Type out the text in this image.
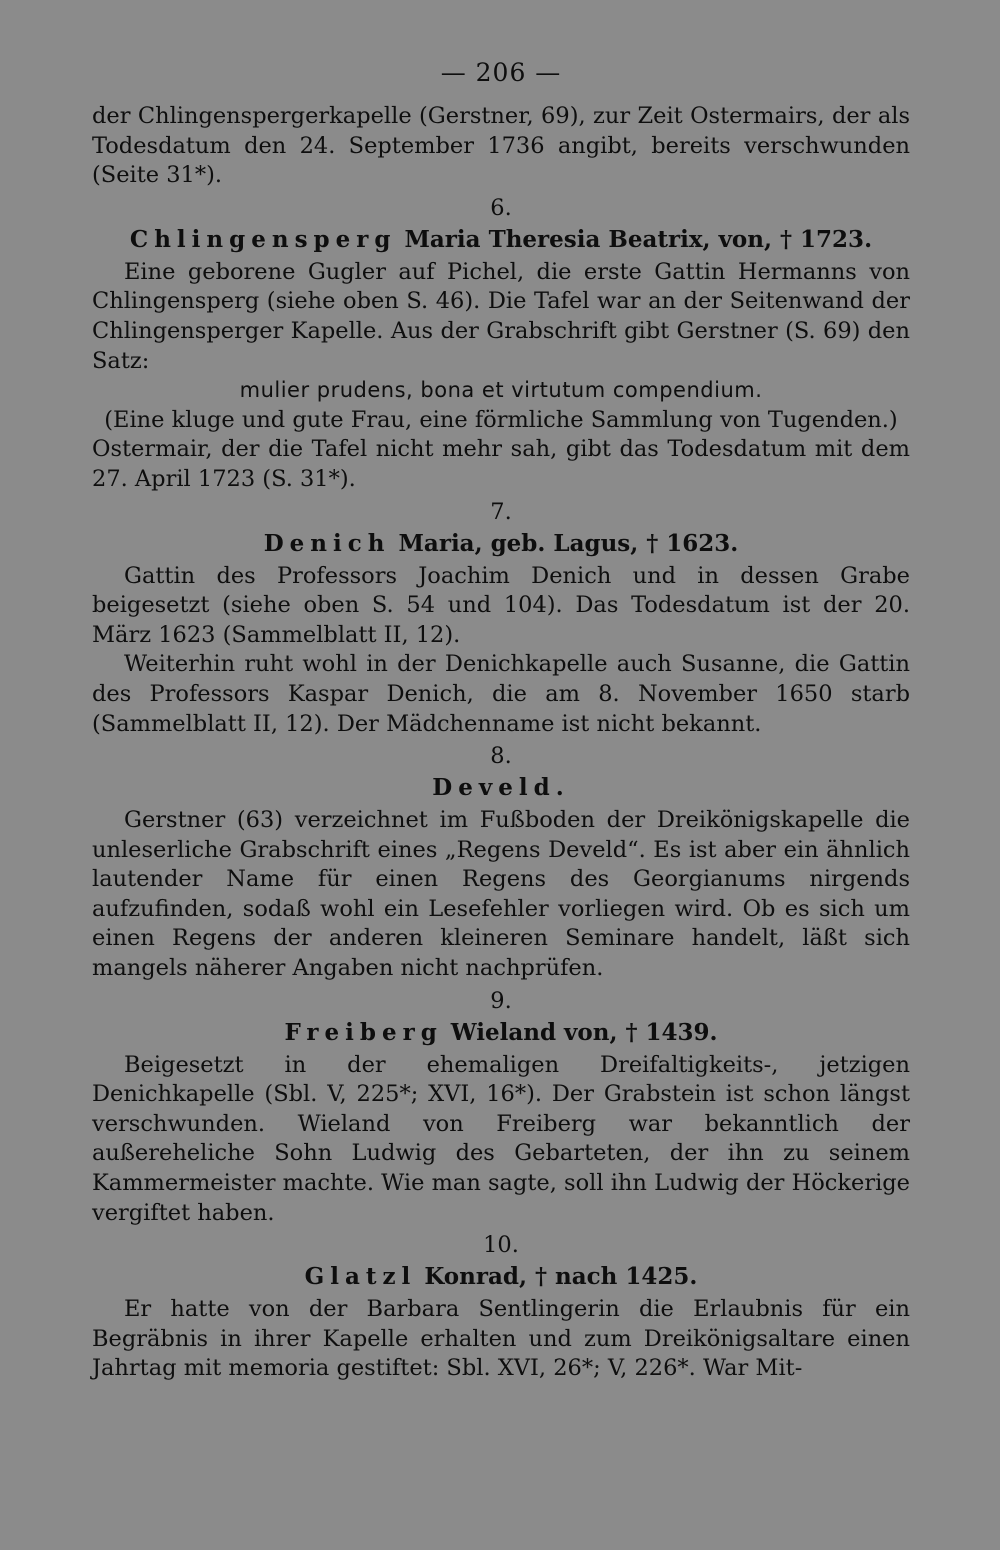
— 206 —

der Chlingenspergerkapelle (Gerstner, 69), zur Zeit Ostermairs, der als Todesdatum den 24. September 1736 angibt, bereits verschwunden (Seite 31*).

6.
Chlingensperg Maria Theresia Beatrix, von, † 1723.

Eine geborene Gugler auf Pichel, die erste Gattin Hermanns von Chlingensperg (siehe oben S. 46). Die Tafel war an der Seitenwand der Chlingensperger Kapelle. Aus der Grabschrift gibt Gerstner (S. 69) den Satz:

mulier prudens, bona et virtutum compendium.
(Eine kluge und gute Frau, eine förmliche Sammlung von Tugenden.)

Ostermair, der die Tafel nicht mehr sah, gibt das Todesdatum mit dem 27. April 1723 (S. 31*).

7.
Denich Maria, geb. Lagus, † 1623.

Gattin des Professors Joachim Denich und in dessen Grabe beigesetzt (siehe oben S. 54 und 104). Das Todesdatum ist der 20. März 1623 (Sammelblatt II, 12).

Weiterhin ruht wohl in der Denichkapelle auch Susanne, die Gattin des Professors Kaspar Denich, die am 8. November 1650 starb (Sammelblatt II, 12). Der Mädchenname ist nicht bekannt.

8.
Develd.

Gerstner (63) verzeichnet im Fußboden der Dreikönigskapelle die unleserliche Grabschrift eines „Regens Develd“. Es ist aber ein ähnlich lautender Name für einen Regens des Georgianums nirgends aufzufinden, sodaß wohl ein Lesefehler vorliegen wird. Ob es sich um einen Regens der anderen kleineren Seminare handelt, läßt sich mangels näherer Angaben nicht nachprüfen.

9.
Freiberg Wieland von, † 1439.

Beigesetzt in der ehemaligen Dreifaltigkeits-, jetzigen Denichkapelle (Sbl. V, 225*; XVI, 16*). Der Grabstein ist schon längst verschwunden. Wieland von Freiberg war bekanntlich der außereheliche Sohn Ludwig des Gebarteten, der ihn zu seinem Kammermeister machte. Wie man sagte, soll ihn Ludwig der Höckerige vergiftet haben.

10.
Glatzl Konrad, † nach 1425.

Er hatte von der Barbara Sentlingerin die Erlaubnis für ein Begräbnis in ihrer Kapelle erhalten und zum Dreikönigsaltare einen Jahrtag mit memoria gestiftet: Sbl. XVI, 26*; V, 226*. War Mit-
